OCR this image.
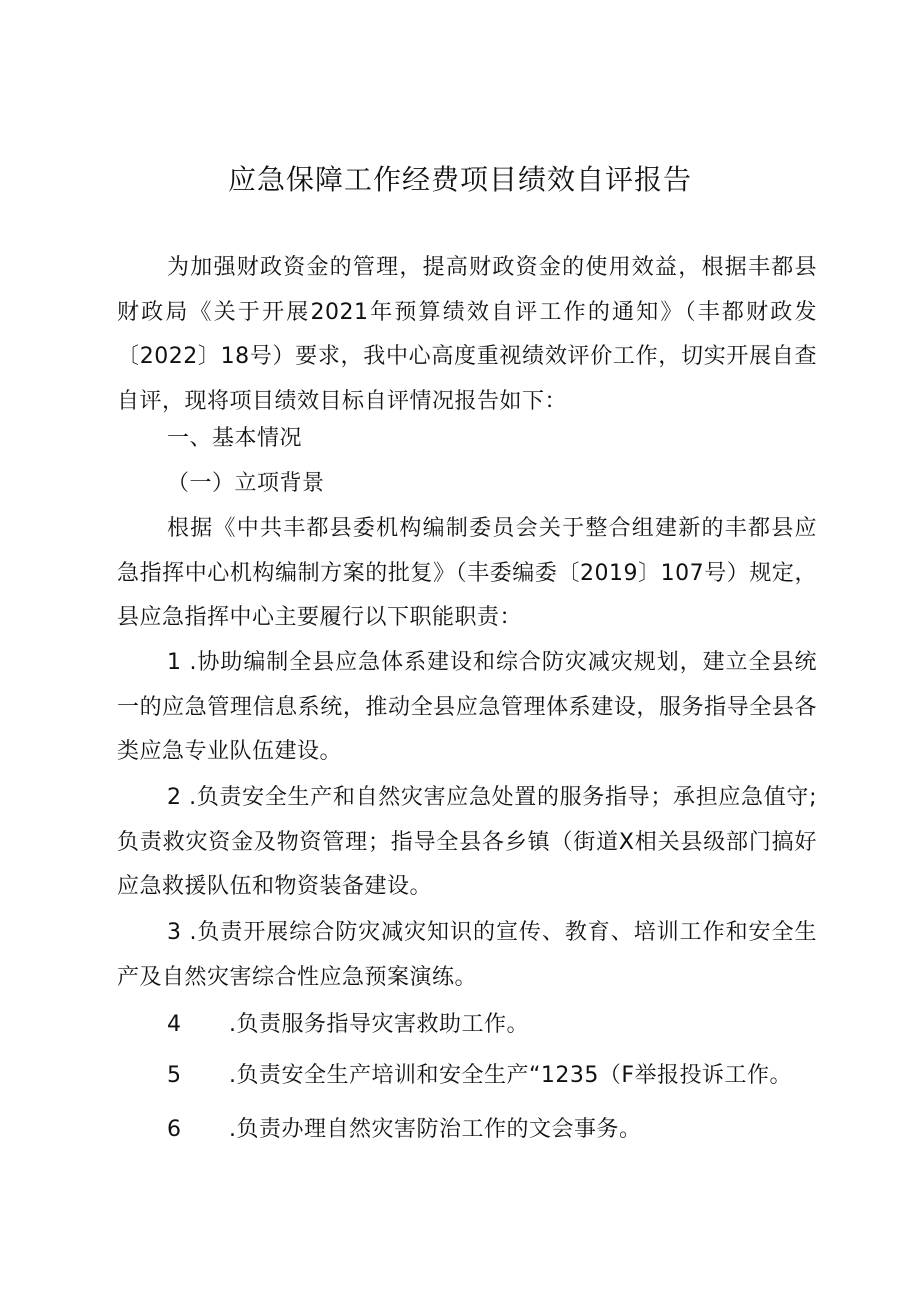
应急保障工作经费项目绩效自评报告

为加强财政资金的管理，提高财政资金的使用效益，根据丰都县财政局《关于开展2021年预算绩效自评工作的通知》（丰都财政发〔2022〕18号）要求，我中心高度重视绩效评价工作，切实开展自查自评，现将项目绩效目标自评情况报告如下：

一、基本情况

（一）立项背景

根据《中共丰都县委机构编制委员会关于整合组建新的丰都县应急指挥中心机构编制方案的批复》（丰委编委〔2019〕107号）规定，县应急指挥中心主要履行以下职能职责：

1 .协助编制全县应急体系建设和综合防灾减灾规划，建立全县统一的应急管理信息系统，推动全县应急管理体系建设，服务指导全县各类应急专业队伍建设。

2 .负责安全生产和自然灾害应急处置的服务指导；承担应急值守;负责救灾资金及物资管理；指导全县各乡镇（街道X相关县级部门搞好应急救援队伍和物资装备建设。

3 .负责开展综合防灾减灾知识的宣传、教育、培训工作和安全生产及自然灾害综合性应急预案演练。

4 .负责服务指导灾害救助工作。

5 .负责安全生产培训和安全生产“1235（F举报投诉工作。

6 .负责办理自然灾害防治工作的文会事务。
